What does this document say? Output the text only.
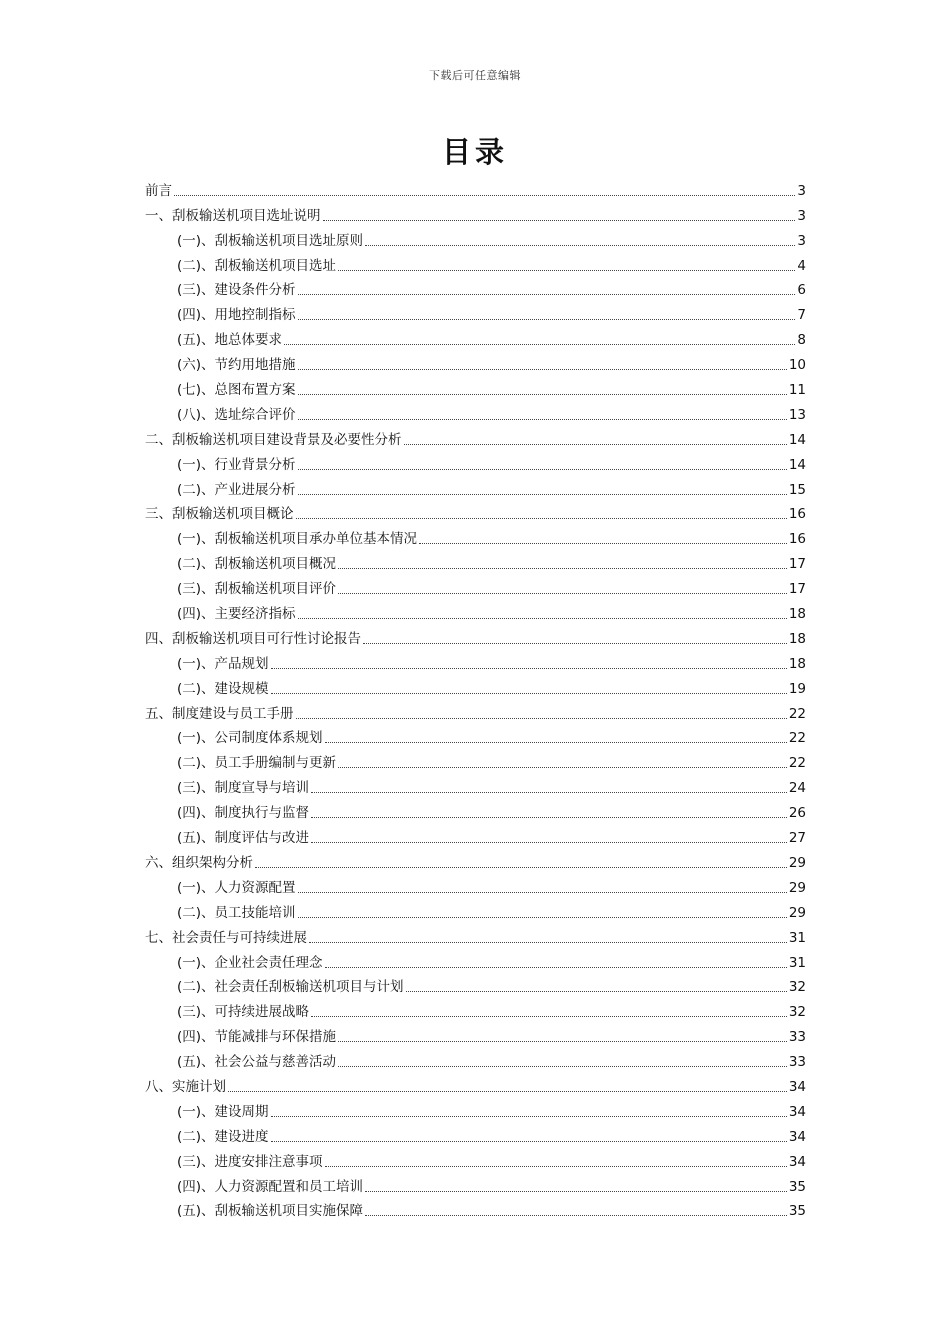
下载后可任意编辑
目录
前言	3
一、刮板输送机项目选址说明	3
(一)、刮板输送机项目选址原则	3
(二)、刮板输送机项目选址	4
(三)、建设条件分析	6
(四)、用地控制指标	7
(五)、地总体要求	8
(六)、节约用地措施	10
(七)、总图布置方案	11
(八)、选址综合评价	13
二、刮板输送机项目建设背景及必要性分析	14
(一)、行业背景分析	14
(二)、产业进展分析	15
三、刮板输送机项目概论	16
(一)、刮板输送机项目承办单位基本情况	16
(二)、刮板输送机项目概况	17
(三)、刮板输送机项目评价	17
(四)、主要经济指标	18
四、刮板输送机项目可行性讨论报告	18
(一)、产品规划	18
(二)、建设规模	19
五、制度建设与员工手册	22
(一)、公司制度体系规划	22
(二)、员工手册编制与更新	22
(三)、制度宣导与培训	24
(四)、制度执行与监督	26
(五)、制度评估与改进	27
六、组织架构分析	29
(一)、人力资源配置	29
(二)、员工技能培训	29
七、社会责任与可持续进展	31
(一)、企业社会责任理念	31
(二)、社会责任刮板输送机项目与计划	32
(三)、可持续进展战略	32
(四)、节能减排与环保措施	33
(五)、社会公益与慈善活动	33
八、实施计划	34
(一)、建设周期	34
(二)、建设进度	34
(三)、进度安排注意事项	34
(四)、人力资源配置和员工培训	35
(五)、刮板输送机项目实施保障	35
